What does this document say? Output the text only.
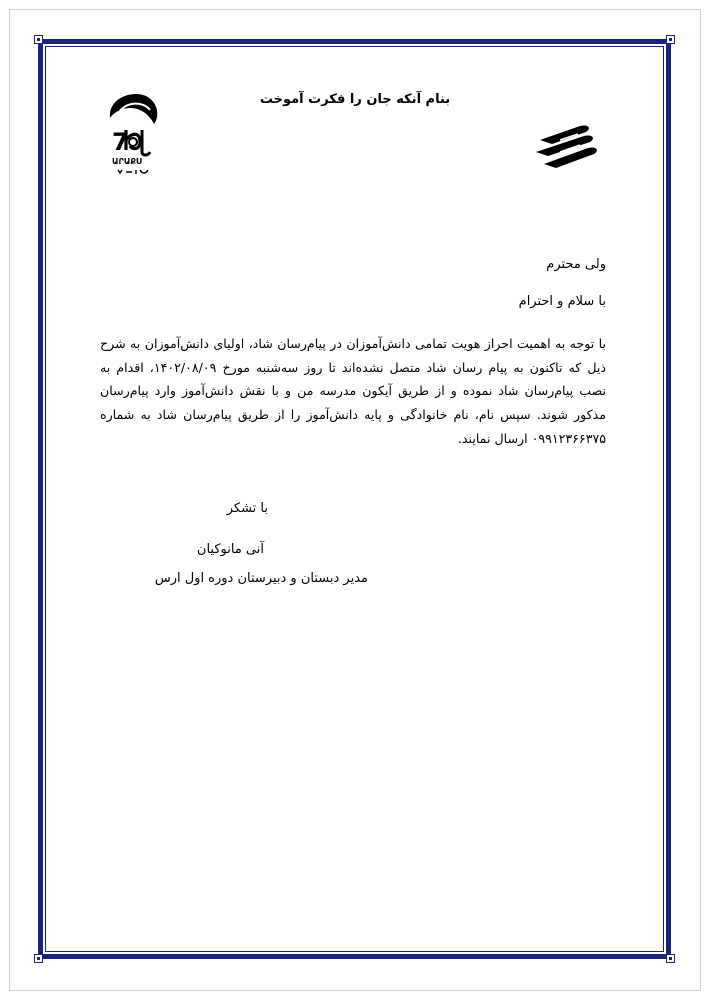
بنام آنکه جان را فکرت آموخت
7
ԱՐԱՔՍ
ولی محترم
با سلام و احترام
با توجه به اهمیت احراز هویت تمامی دانش‌آموزان در پیام‌رسان شاد، اولیای دانش‌آموزان به شرح ذیل که تاکنون به پیام رسان شاد متصل نشده‌اند تا روز سه‌شنبه مورخ ۱۴۰۲/۰۸/۰۹، اقدام به نصب پیام‌رسان شاد نموده و از طریق آیکون مدرسه من و با نقش دانش‌آموز وارد پیام‌رسان مذکور شوند. سپس نام، نام خانوادگی و پایه دانش‌آموز را از طریق پیام‌رسان شاد به شماره ۰۹۹۱۲۳۶۶۳۷۵ ارسال نمایند.
با تشکر
آنی مانوکیان
مدیر دبستان و دبیرستان دوره اول ارس
